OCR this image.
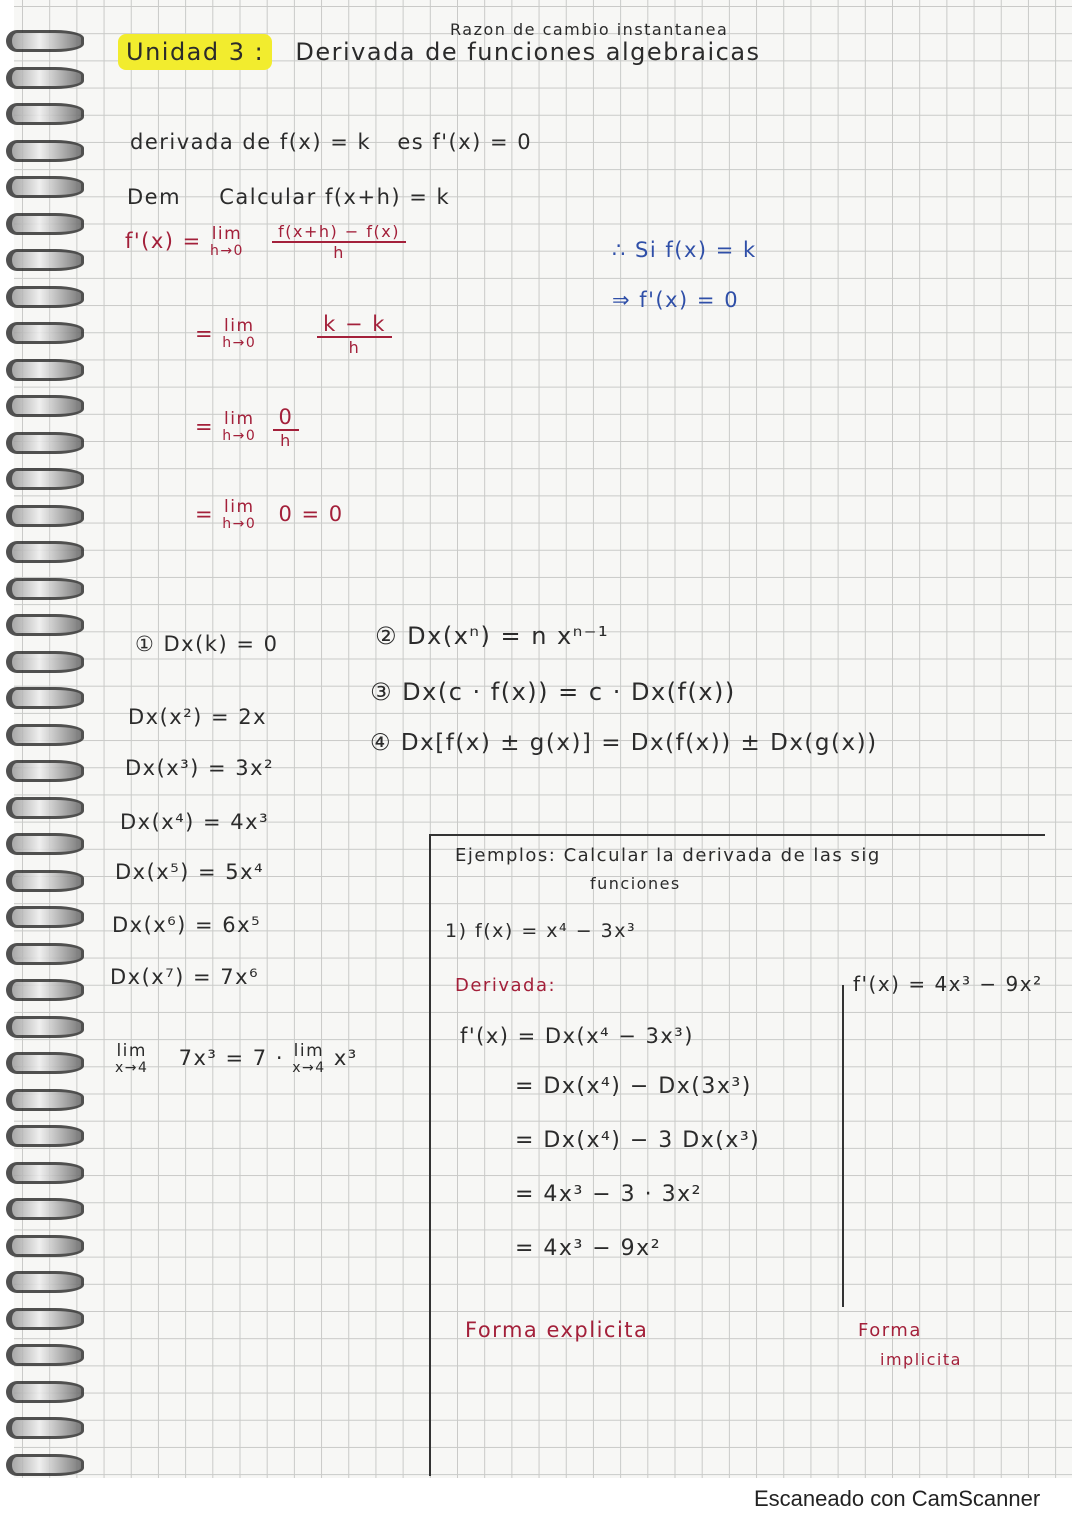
Razon de cambio instantanea
Unidad 3 : Derivada de funciones algebraicas
derivada de f(x) = k es f'(x) = 0
Dem Calcular f(x+h) = k
f'(x) = lim
h→0
$\frac{f(x+h) - f(x)}{h}$
= lim
h→0
$\frac{k - k}{h}$
= lim
h→0
$\frac{0}{h}$
= lim
h→0 0 = 0
∴ Si f(x) = k
⇒ f'(x) = 0
① Dx(k) = 0	② Dx(xⁿ) = n xⁿ⁻¹
③ Dx(c · f(x)) = c · Dx(f(x))
④ Dx[f(x) ± g(x)] = Dx(f(x)) ± Dx(g(x))
Dx(x²) = 2x
Dx(x³) = 3x²
Dx(x⁴) = 4x³
Dx(x⁵) = 5x⁴
Dx(x⁶) = 6x⁵
Dx(x⁷) = 7x⁶
lim
x→4 7x³ = 7 · lim
x→4 x³
Ejemplos: Calcular la derivada de las sig
funciones
1) f(x) = x⁴ − 3x³
Derivada:
f'(x) = Dx(x⁴ − 3x³)
= Dx(x⁴) − Dx(3x³)
= Dx(x⁴) − 3 Dx(x³)
= 4x³ − 3 · 3x²
= 4x³ − 9x²
f'(x) = 4x³ − 9x²
Forma explicita	Forma
implicita
Escaneado con CamScanner
